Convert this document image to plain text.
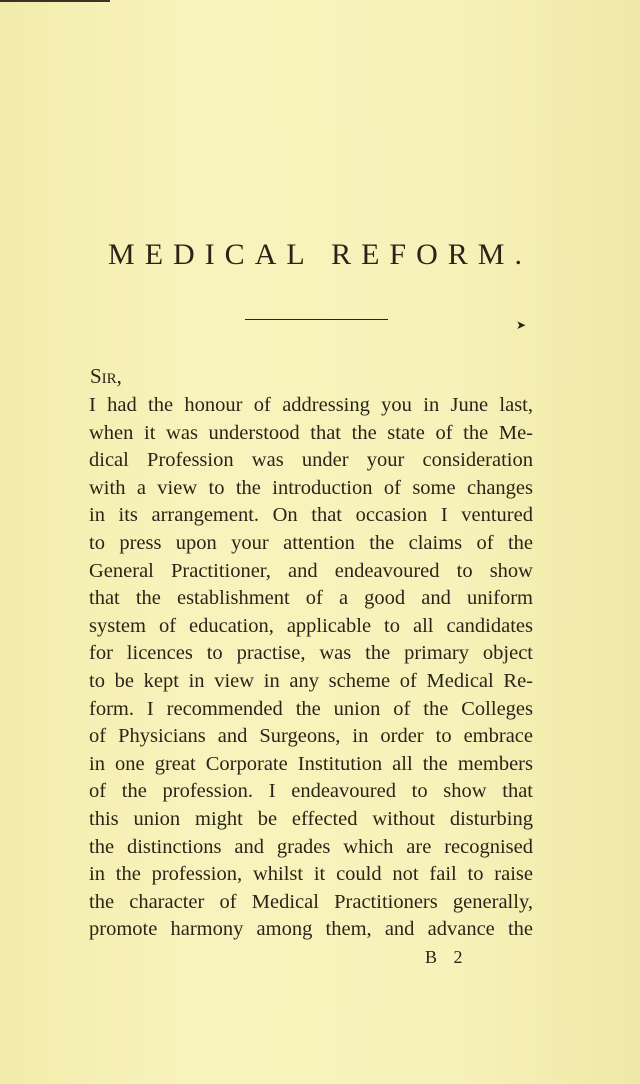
MEDICAL REFORM.
➤
Sir,
I had the honour of addressing you in June last,
when it was understood that the state of the Me-
dical Profession was under your consideration
with a view to the introduction of some changes
in its arrangement. On that occasion I ventured
to press upon your attention the claims of the
General Practitioner, and endeavoured to show
that the establishment of a good and uniform
system of education, applicable to all candidates
for licences to practise, was the primary object
to be kept in view in any scheme of Medical Re-
form. I recommended the union of the Colleges
of Physicians and Surgeons, in order to embrace
in one great Corporate Institution all the members
of the profession. I endeavoured to show that
this union might be effected without disturbing
the distinctions and grades which are recognised
in the profession, whilst it could not fail to raise
the character of Medical Practitioners generally,
promote harmony among them, and advance the
B 2
